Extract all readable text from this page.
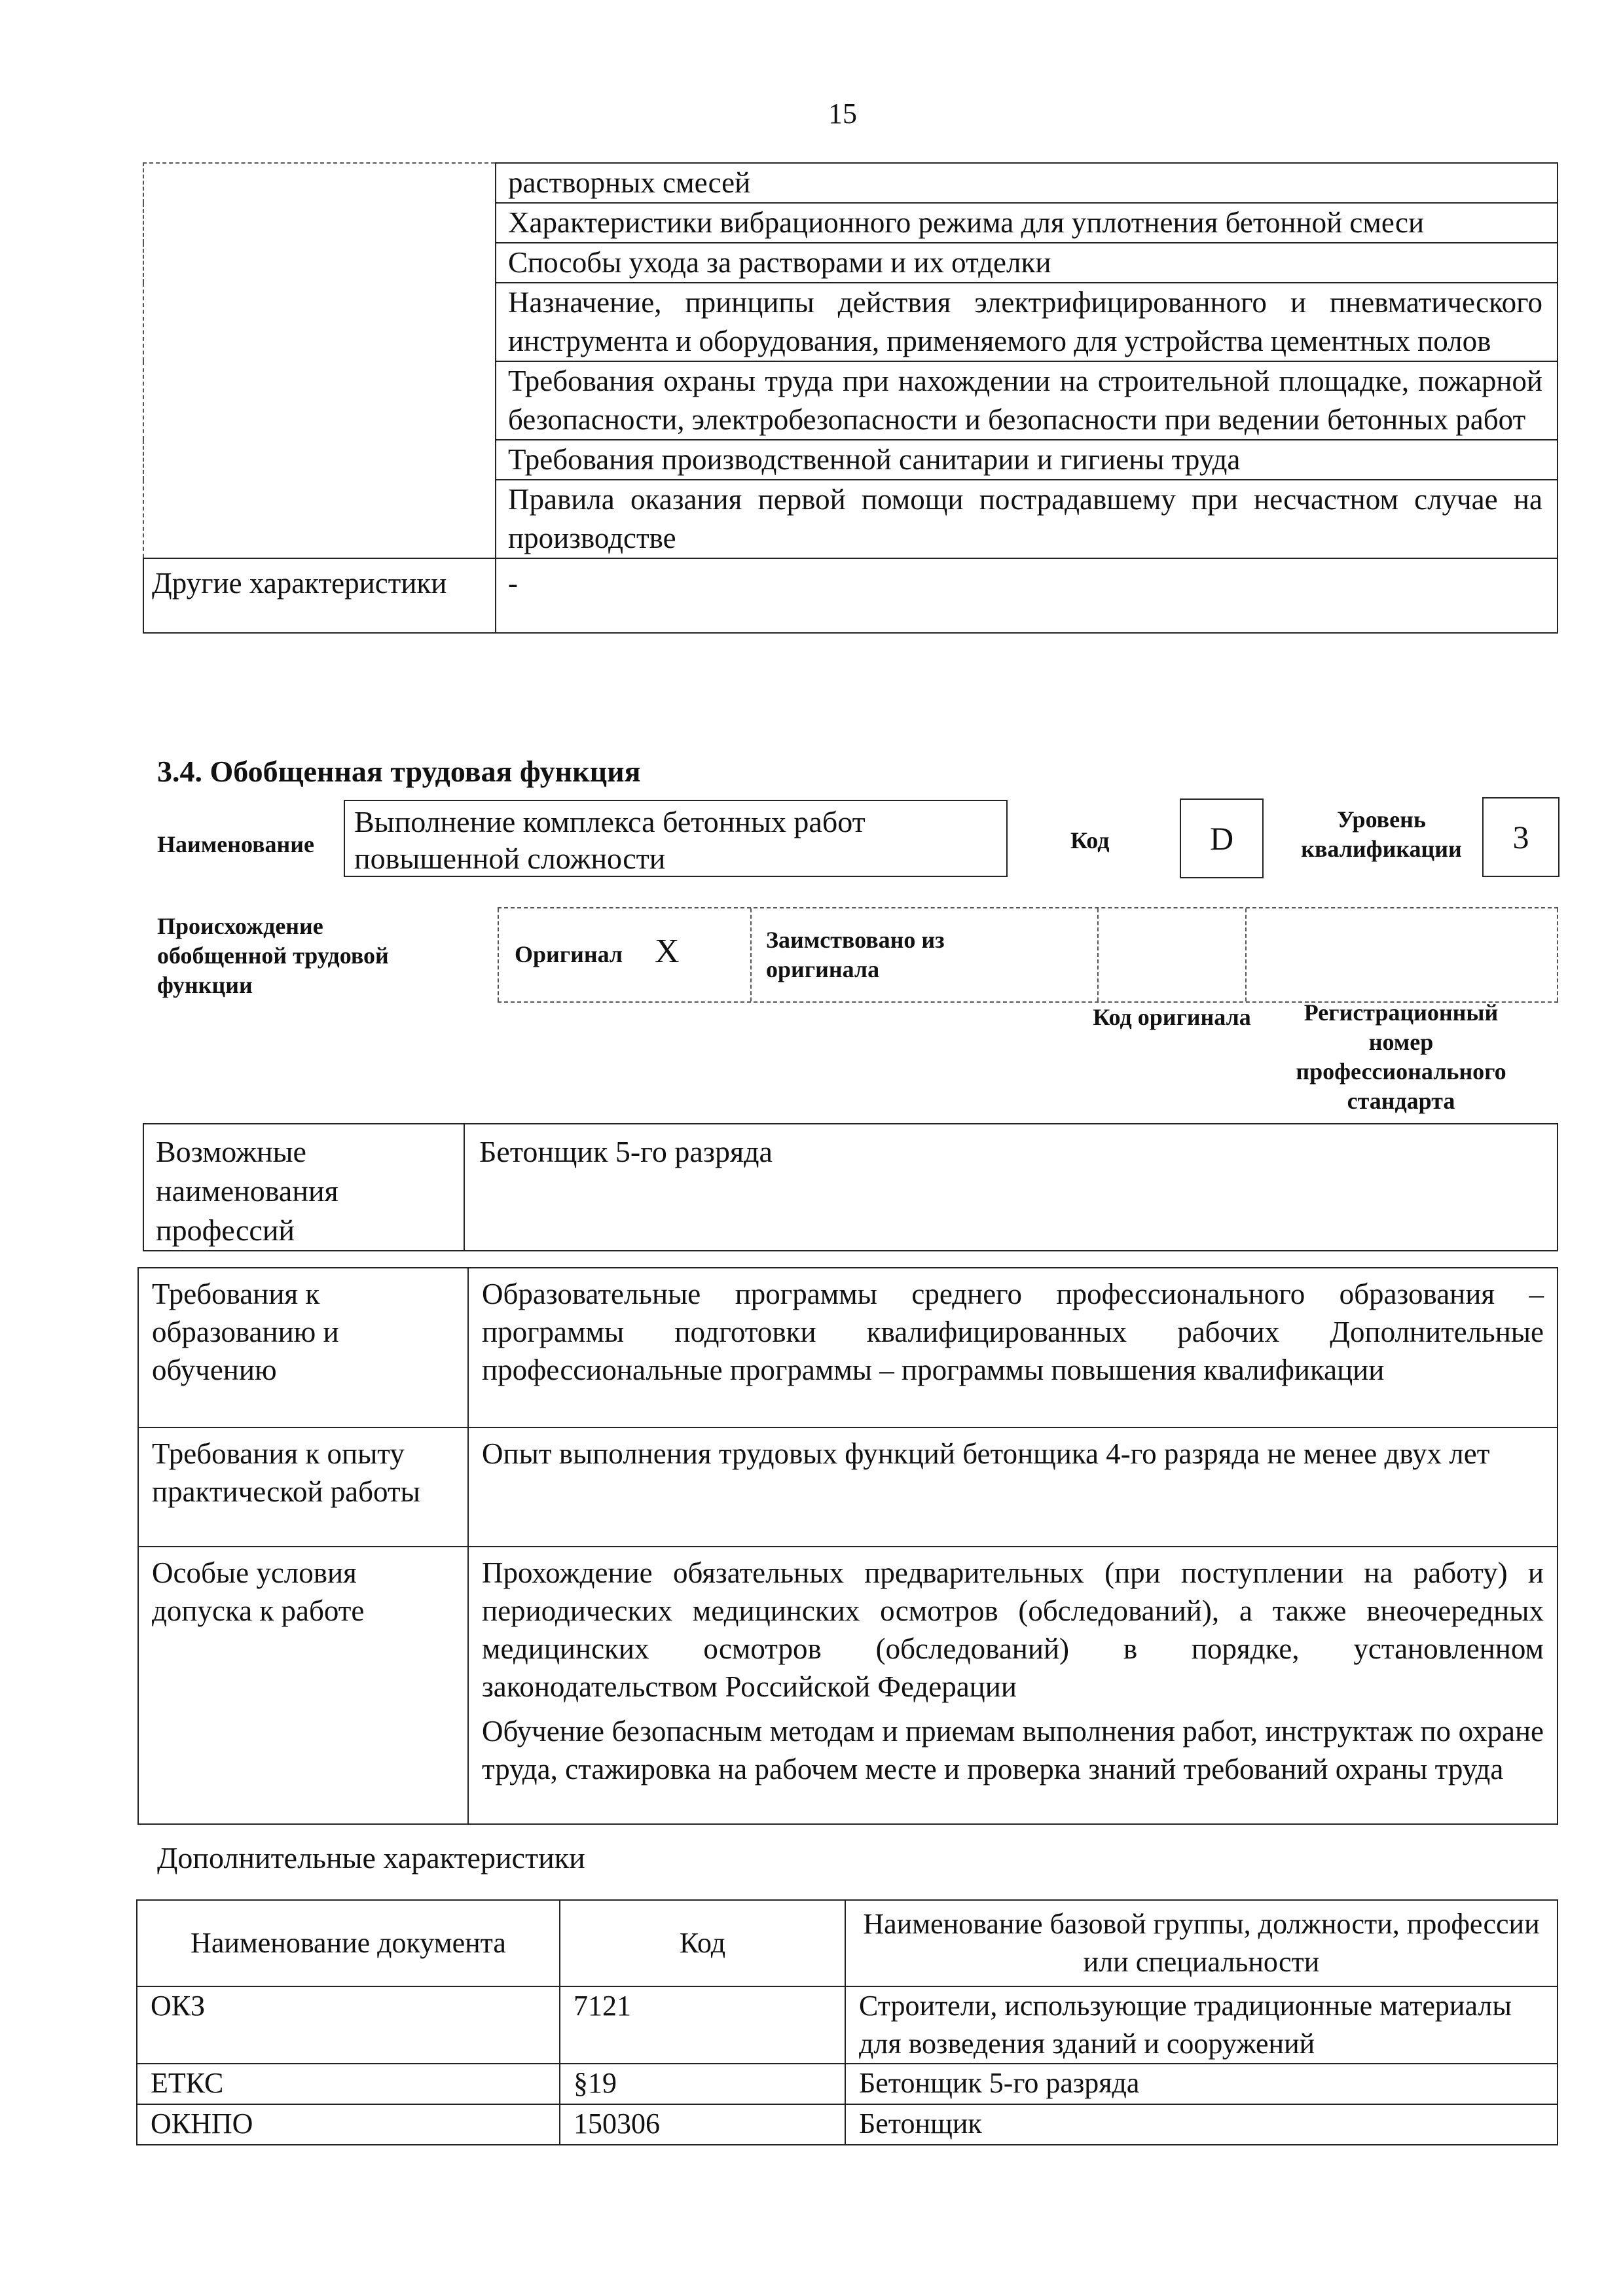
15
	растворных смесей
	Характеристики вибрационного режима для уплотнения бетонной смеси
	Способы ухода за растворами и их отделки
	Назначение, принципы действия электрифицированного и пневматического инструмента и оборудования, применяемого для устройства цементных полов
	Требования охраны труда при нахождении на строительной площадке, пожарной безопасности, электробезопасности и безопасности при ведении бетонных работ
	Требования производственной санитарии и гигиены труда
	Правила оказания первой помощи пострадавшему при несчастном случае на производстве
Другие характеристики	-
3.4. Обобщенная трудовая функция
Наименование
Выполнение комплекса бетонных работ повышенной сложности
Код	D
Уровень квалификации	3
Происхождение обобщенной трудовой функции
Оригинал X	Заимствовано из оригинала
Код оригинала	Регистрационный номер профессионального стандарта
Возможные наименования профессий	Бетонщик 5-го разряда
Требования к образованию и обучению	Образовательные программы среднего профессионального образования – программы подготовки квалифицированных рабочих Дополнительные профессиональные программы – программы повышения квалификации
Требования к опыту практической работы	Опыт выполнения трудовых функций бетонщика 4-го разряда не менее двух лет
Особые условия допуска к работе	Прохождение обязательных предварительных (при поступлении на работу) и периодических медицинских осмотров (обследований), а также внеочередных медицинских осмотров (обследований) в порядке, установленном законодательством Российской Федерации
Обучение безопасным методам и приемам выполнения работ, инструктаж по охране труда, стажировка на рабочем месте и проверка знаний требований охраны труда
Дополнительные характеристики
Наименование документа	Код	Наименование базовой группы, должности, профессии или специальности
ОКЗ	7121	Строители, использующие традиционные материалы для возведения зданий и сооружений
ЕТКС	§19	Бетонщик 5-го разряда
ОКНПО	150306	Бетонщик
